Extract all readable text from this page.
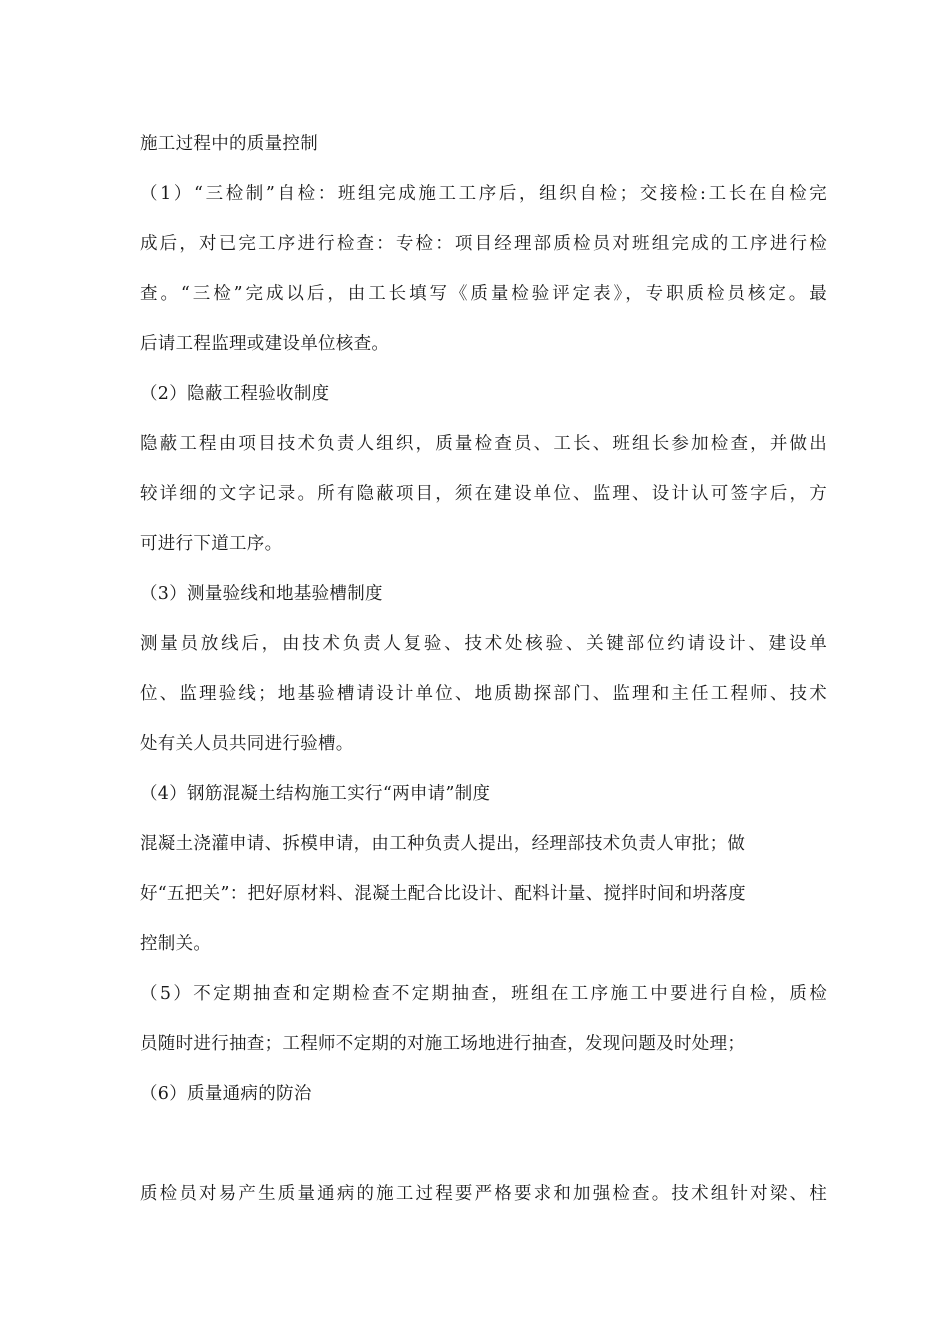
施工过程中的质量控制
（1）“三检制”自检：班组完成施工工序后，组织自检；交接检:工长在自检完
成后，对已完工序进行检查：专检：项目经理部质检员对班组完成的工序进行检
查。“三检”完成以后，由工长填写《质量检验评定表》，专职质检员核定。最
后请工程监理或建设单位核查。
（2）隐蔽工程验收制度
隐蔽工程由项目技术负责人组织，质量检查员、工长、班组长参加检查，并做出
较详细的文字记录。所有隐蔽项目，须在建设单位、监理、设计认可签字后，方
可进行下道工序。
（3）测量验线和地基验槽制度
测量员放线后，由技术负责人复验、技术处核验、关键部位约请设计、建设单
位、监理验线；地基验槽请设计单位、地质勘探部门、监理和主任工程师、技术
处有关人员共同进行验槽。
（4）钢筋混凝土结构施工实行“两申请”制度
混凝土浇灌申请、拆模申请，由工种负责人提出，经理部技术负责人审批；做
好“五把关”：把好原材料、混凝土配合比设计、配料计量、搅拌时间和坍落度
控制关。
（5）不定期抽查和定期检查不定期抽查，班组在工序施工中要进行自检，质检
员随时进行抽查；工程师不定期的对施工场地进行抽查，发现问题及时处理；
（6）质量通病的防治
质检员对易产生质量通病的施工过程要严格要求和加强检查。技术组针对梁、柱
